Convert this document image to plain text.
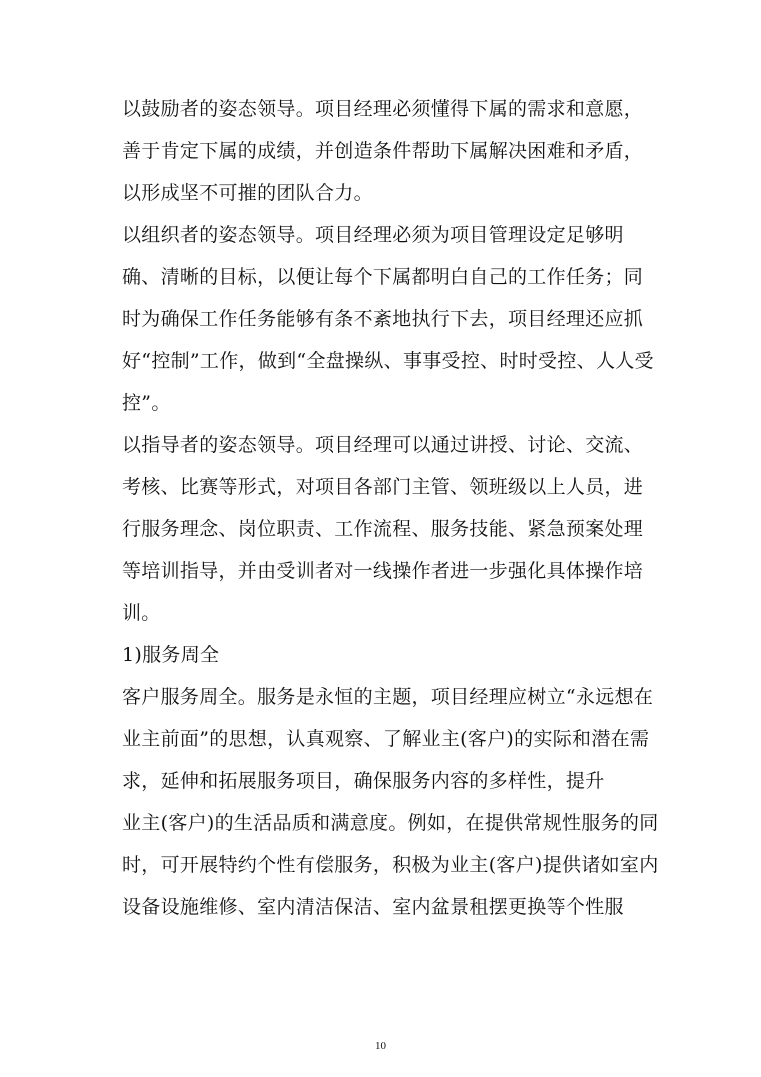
以鼓励者的姿态领导。项目经理必须懂得下属的需求和意愿，
善于肯定下属的成绩，并创造条件帮助下属解决困难和矛盾，
以形成坚不可摧的团队合力。
以组织者的姿态领导。项目经理必须为项目管理设定足够明
确、清晰的目标，以便让每个下属都明白自己的工作任务；同
时为确保工作任务能够有条不紊地执行下去，项目经理还应抓
好“控制”工作，做到“全盘操纵、事事受控、时时受控、人人受
控”。
以指导者的姿态领导。项目经理可以通过讲授、讨论、交流、
考核、比赛等形式，对项目各部门主管、领班级以上人员，进
行服务理念、岗位职责、工作流程、服务技能、紧急预案处理
等培训指导，并由受训者对一线操作者进一步强化具体操作培
训。
1)服务周全
客户服务周全。服务是永恒的主题，项目经理应树立“永远想在
业主前面”的思想，认真观察、了解业主(客户)的实际和潜在需
求，延伸和拓展服务项目，确保服务内容的多样性，提升
业主(客户)的生活品质和满意度。例如，在提供常规性服务的同
时，可开展特约个性有偿服务，积极为业主(客户)提供诸如室内
设备设施维修、室内清洁保洁、室内盆景租摆更换等个性服
10
